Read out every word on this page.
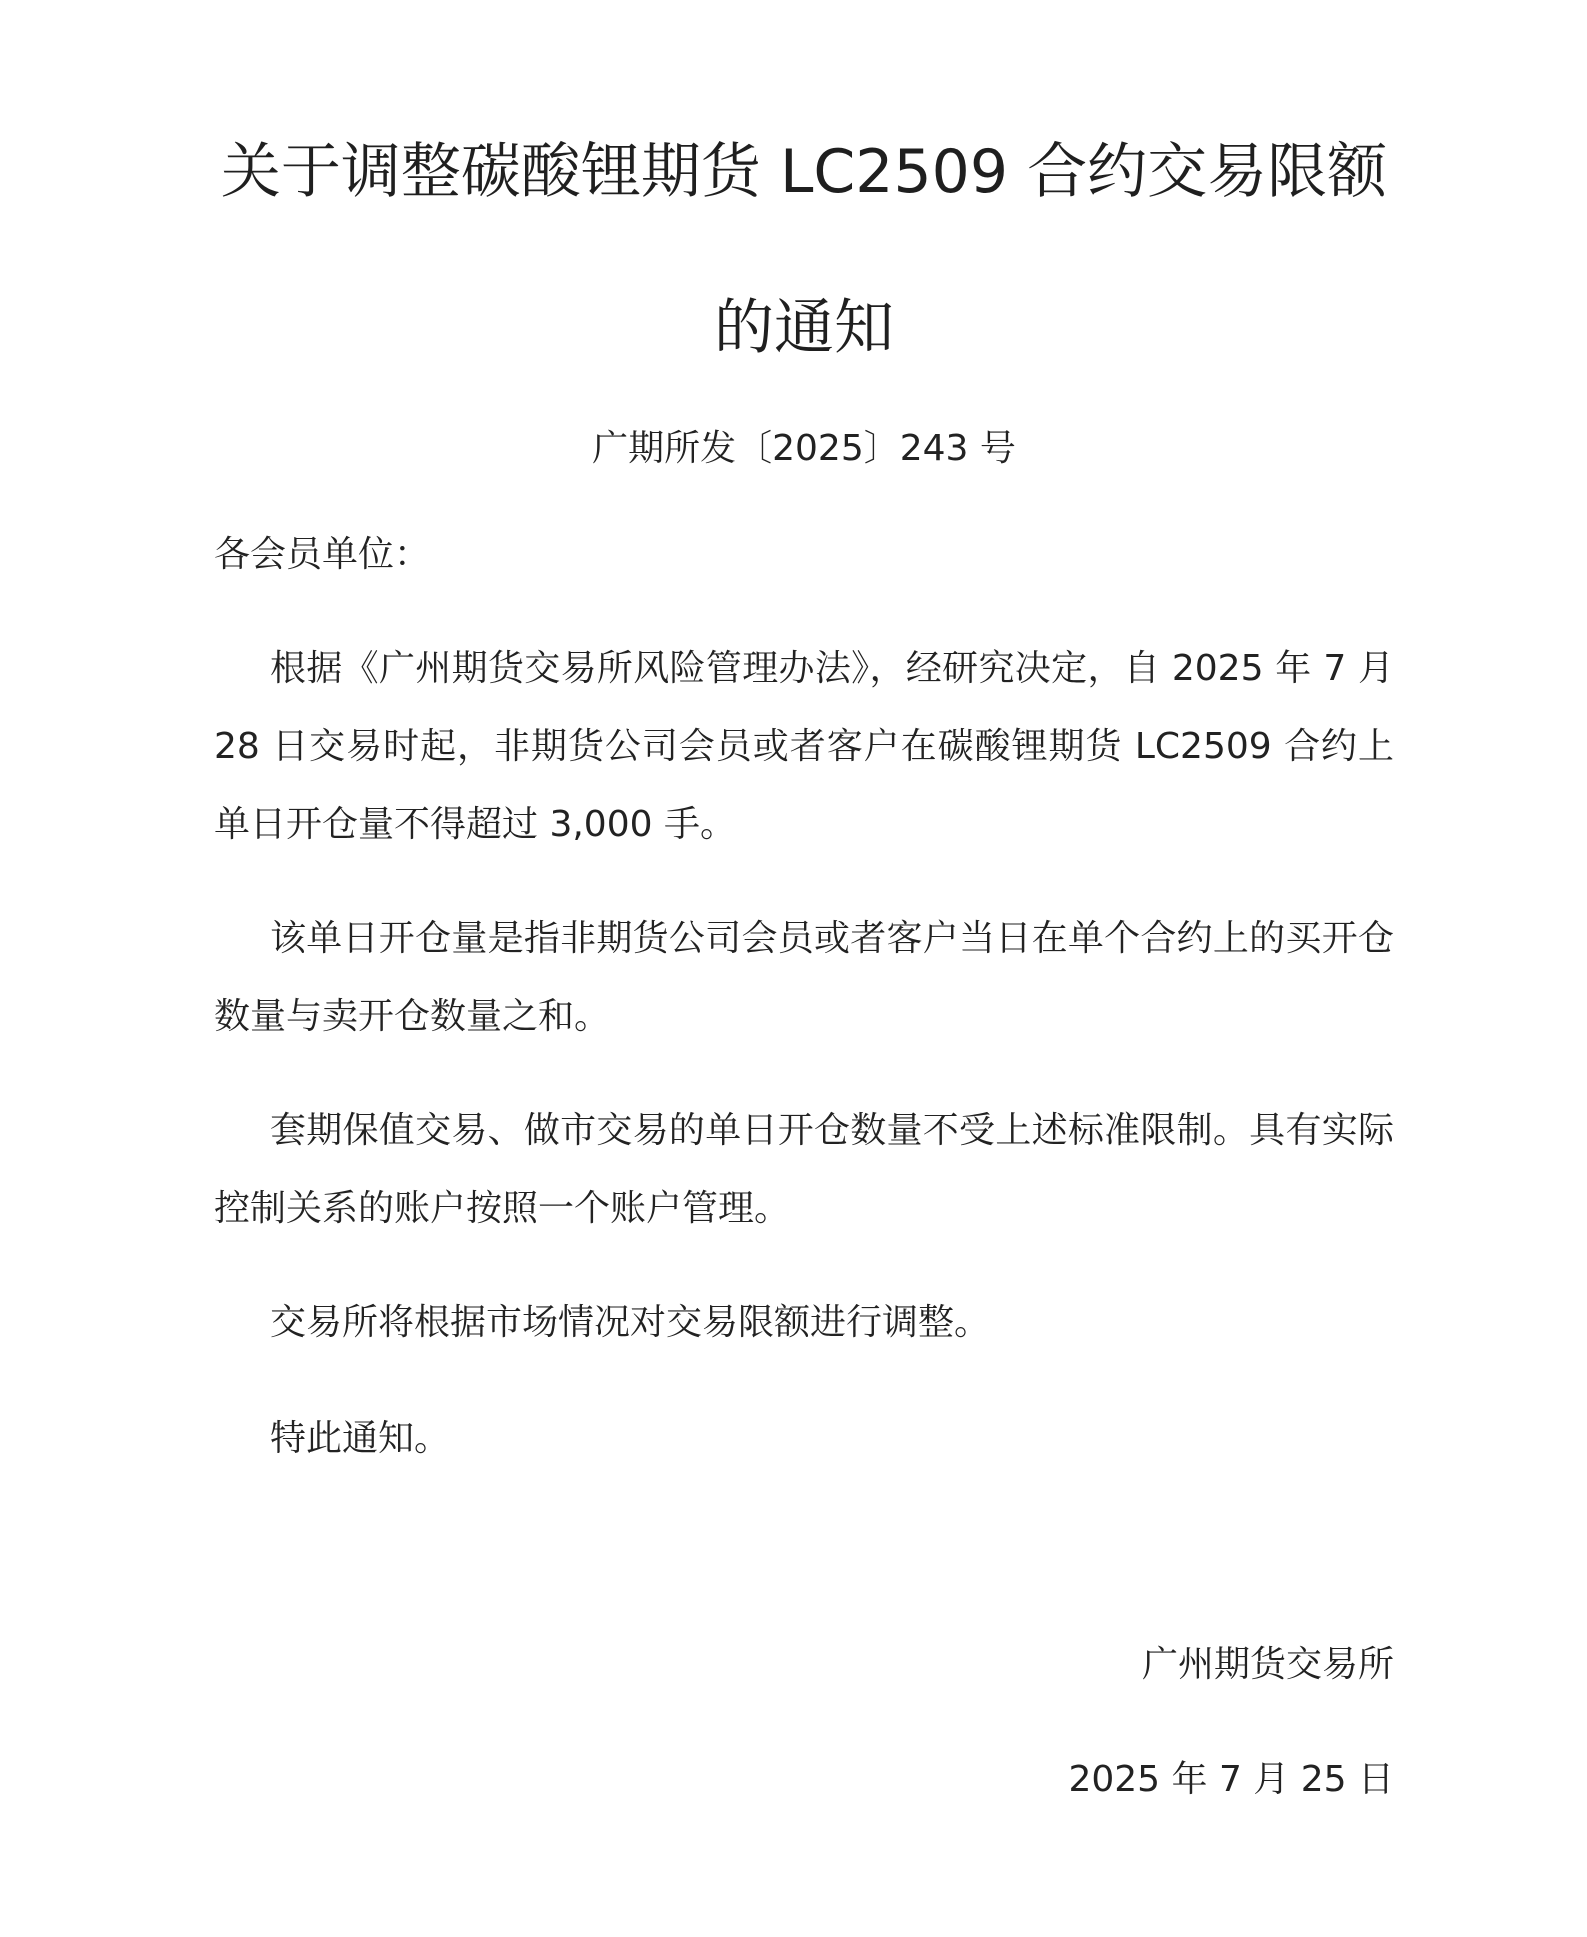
关于调整碳酸锂期货 LC2509 合约交易限额
的通知
广期所发〔2025〕243 号
各会员单位：
根据《广州期货交易所风险管理办法》，经研究决定，自 2025 年 7 月 28 日交易时起，非期货公司会员或者客户在碳酸锂期货 LC2509 合约上单日开仓量不得超过 3,000 手。
该单日开仓量是指非期货公司会员或者客户当日在单个合约上的买开仓数量与卖开仓数量之和。
套期保值交易、做市交易的单日开仓数量不受上述标准限制。具有实际控制关系的账户按照一个账户管理。
交易所将根据市场情况对交易限额进行调整。
特此通知。
广州期货交易所
2025 年 7 月 25 日
